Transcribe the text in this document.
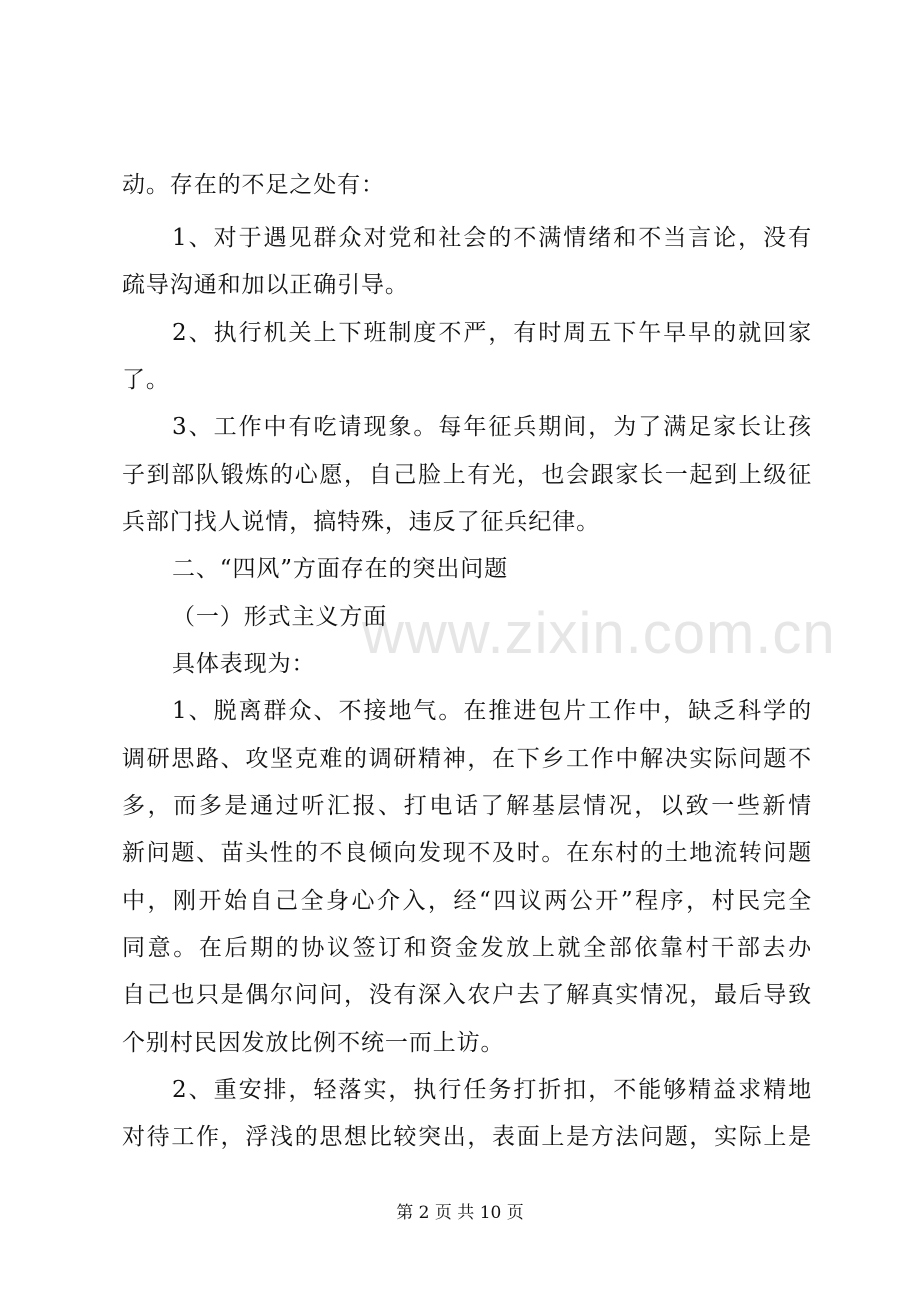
www.zixin.com.cn
动。存在的不足之处有：
1、对于遇见群众对党和社会的不满情绪和不当言论，没有
疏导沟通和加以正确引导。
2、执行机关上下班制度不严，有时周五下午早早的就回家
了。
3、工作中有吃请现象。每年征兵期间，为了满足家长让孩
子到部队锻炼的心愿，自己脸上有光，也会跟家长一起到上级征
兵部门找人说情，搞特殊，违反了征兵纪律。
二、“四风”方面存在的突出问题
（一）形式主义方面
具体表现为：
1、脱离群众、不接地气。在推进包片工作中，缺乏科学的
调研思路、攻坚克难的调研精神，在下乡工作中解决实际问题不
多，而多是通过听汇报、打电话了解基层情况，以致一些新情
新问题、苗头性的不良倾向发现不及时。在东村的土地流转问题
中，刚开始自己全身心介入，经“四议两公开”程序，村民完全
同意。在后期的协议签订和资金发放上就全部依靠村干部去办
自己也只是偶尔问问，没有深入农户去了解真实情况，最后导致
个别村民因发放比例不统一而上访。
2、重安排，轻落实，执行任务打折扣，不能够精益求精地
对待工作，浮浅的思想比较突出，表面上是方法问题，实际上是
第 2 页 共 10 页
